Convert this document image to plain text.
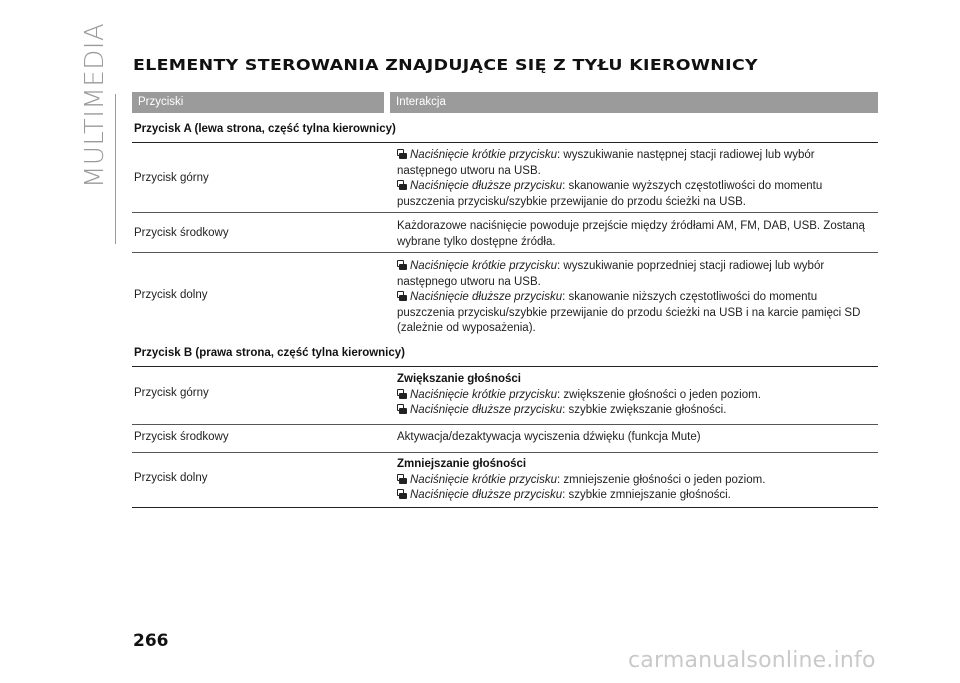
MULTIMEDIA ELEMENTY STEROWANIA ZNAJDUJĄCE SIĘ Z TYŁU KIEROWNICY
Przyciski	Interakcja
Przycisk A (lewa strona, część tylna kierownicy)
Przycisk górny
Naciśnięcie krótkie przycisku: wyszukiwanie następnej stacji radiowej lub wybór
następnego utworu na USB.
Naciśnięcie dłuższe przycisku: skanowanie wyższych częstotliwości do momentu
puszczenia przycisku/szybkie przewijanie do przodu ścieżki na USB.
Przycisk środkowy
Każdorazowe naciśnięcie powoduje przejście między źródłami AM, FM, DAB, USB. Zostaną
wybrane tylko dostępne źródła.
Przycisk dolny
Naciśnięcie krótkie przycisku: wyszukiwanie poprzedniej stacji radiowej lub wybór
następnego utworu na USB.
Naciśnięcie dłuższe przycisku: skanowanie niższych częstotliwości do momentu
puszczenia przycisku/szybkie przewijanie do przodu ścieżki na USB i na karcie pamięci SD
(zależnie od wyposażenia).
Przycisk B (prawa strona, część tylna kierownicy)
Przycisk górny
Zwiększanie głośności
Naciśnięcie krótkie przycisku: zwiększenie głośności o jeden poziom.
Naciśnięcie dłuższe przycisku: szybkie zwiększanie głośności.
Przycisk środkowy	Aktywacja/dezaktywacja wyciszenia dźwięku (funkcja Mute)
Przycisk dolny
Zmniejszanie głośności
Naciśnięcie krótkie przycisku: zmniejszenie głośności o jeden poziom.
Naciśnięcie dłuższe przycisku: szybkie zmniejszanie głośności.
266
carmanualsonline.info
